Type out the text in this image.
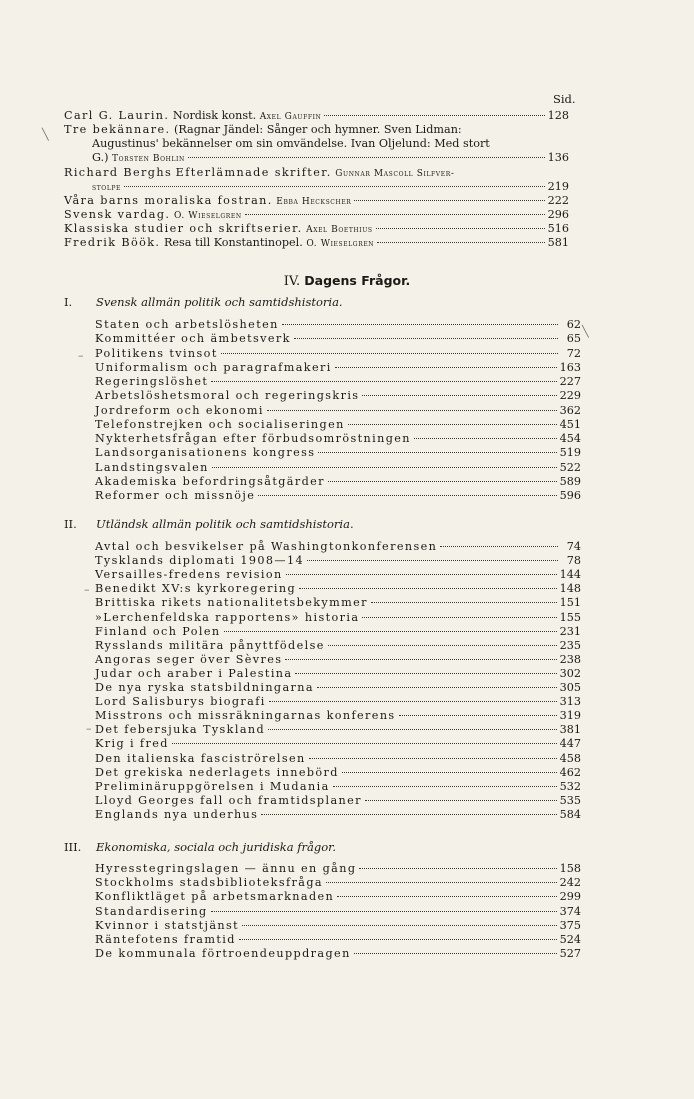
Sid.
Carl G. Laurin.
Nordisk konst.
Axel Gauffin	128
Tre bekännare.
(Ragnar Jändel: Sånger och hymner. Sven Lidman:
Augustinus' bekännelser om sin omvändelse. Ivan Oljelund: Med stort
G.)
Torsten Bohlin	136
Richard Berghs
Efterlämnade skrifter.
Gunnar Mascoll Silfver-
stolpe	219
Våra barns moraliska fostran.
Ebba Heckscher	222
Svensk vardag.
O. Wieselgren	296
Klassiska studier och skriftserier.
Axel Boethius	516
Fredrik Böök.
Resa till Konstantinopel.
O. Wieselgren	581
IV. Dagens Frågor.
I. Svensk allmän politik och samtidshistoria.
II. Utländsk allmän politik och samtidshistoria.
III. Ekonomiska, sociala och juridiska frågor.
Staten och arbetslösheten	62
Kommittéer och ämbetsverk	65
Politikens tvinsot	72
Uniformalism och paragrafmakeri	163
Regeringslöshet	227
Arbetslöshetsmoral och regeringskris	229
Jordreform och ekonomi	362
Telefonstrejken och socialiseringen	451
Nykterhetsfrågan efter förbudsomröstningen	454
Landsorganisationens kongress	519
Landstingsvalen	522
Akademiska befordringsåtgärder	589
Reformer och missnöje	596
Avtal och besvikelser på Washingtonkonferensen	74
Tysklands diplomati 1908—14	78
Versailles-fredens revision	144
Benedikt XV:s kyrkoregering	148
Brittiska rikets nationalitetsbekymmer	151
»Lerchenfeldska rapportens» historia	155
Finland och Polen	231
Rysslands militära pånyttfödelse	235
Angoras seger över Sèvres	238
Judar och araber i Palestina	302
De nya ryska statsbildningarna	305
Lord Salisburys biografi	313
Misstrons och missräkningarnas konferens	319
Det febersjuka Tyskland	381
Krig i fred	447
Den italienska fasciströrelsen	458
Det grekiska nederlagets innebörd	462
Preliminäruppgörelsen i Mudania	532
Lloyd Georges fall och framtidsplaner	535
Englands nya underhus	584
Hyresstegringslagen — ännu en gång	158
Stockholms stadsbiblioteksfråga	242
Konfliktläget på arbetsmarknaden	299
Standardisering	374
Kvinnor i statstjänst	375
Räntefotens framtid	524
De kommunala förtroendeuppdragen	527
╲
╲
–
–
–
